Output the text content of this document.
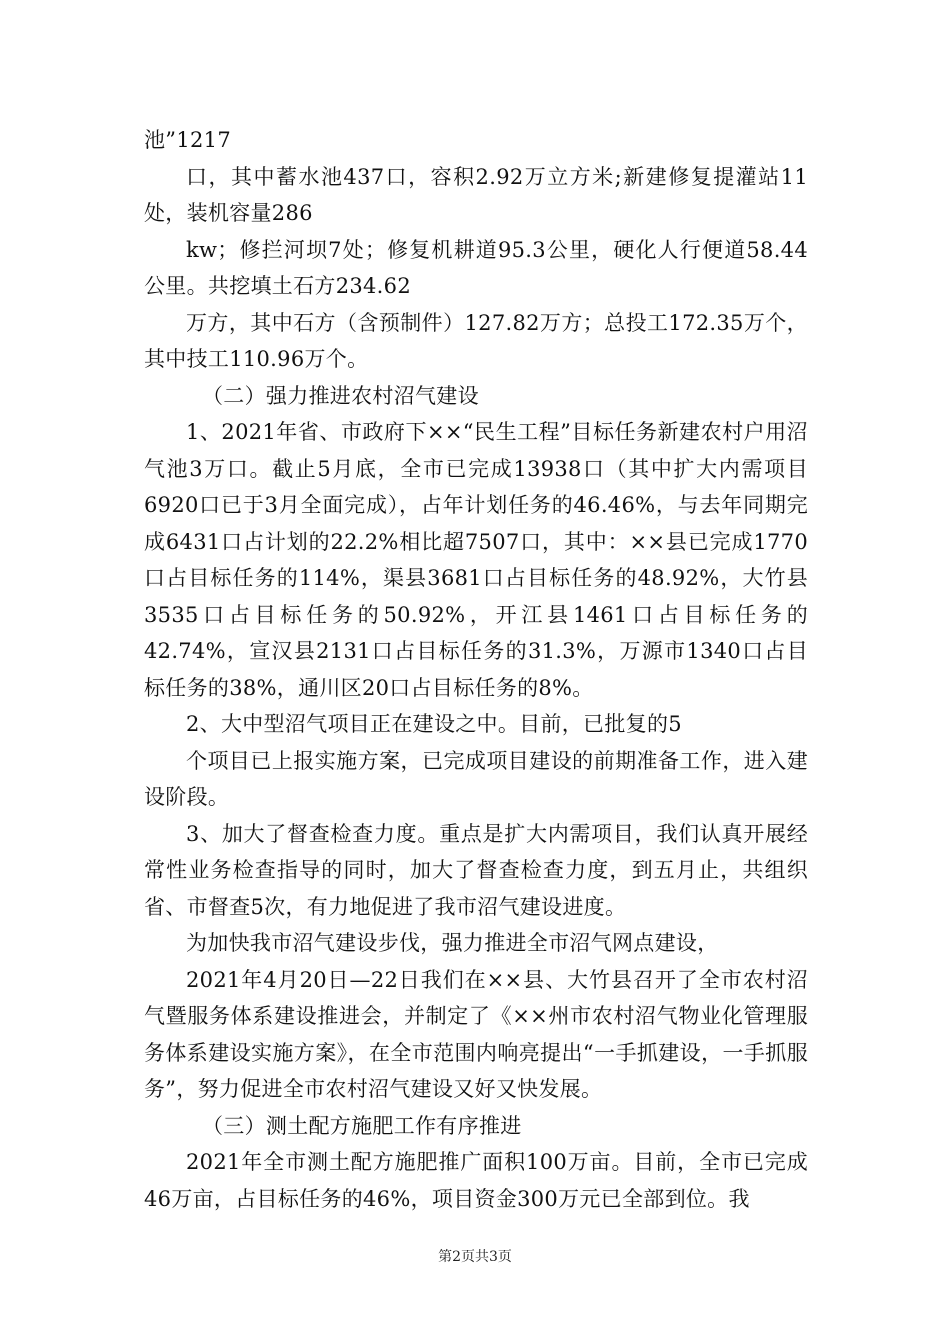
池”1217

口，其中蓄水池437口，容积2.92万立方米;新建修复提灌站11处，装机容量286

kw；修拦河坝7处；修复机耕道95.3公里，硬化人行便道58.44公里。共挖填土石方234.62

万方，其中石方（含预制件）127.82万方；总投工172.35万个，其中技工110.96万个。

（二）强力推进农村沼气建设

1、2021年省、市政府下××“民生工程”目标任务新建农村户用沼气池3万口。截止5月底，全市已完成13938口（其中扩大内需项目6920口已于3月全面完成），占年计划任务的46.46%，与去年同期完成6431口占计划的22.2%相比超7507口，其中：××县已完成1770口占目标任务的114%，渠县3681口占目标任务的48.92%，大竹县3535口占目标任务的50.92%，开江县1461口占目标任务的42.74%，宣汉县2131口占目标任务的31.3%，万源市1340口占目标任务的38%，通川区20口占目标任务的8%。

2、大中型沼气项目正在建设之中。目前，已批复的5

个项目已上报实施方案，已完成项目建设的前期准备工作，进入建设阶段。

3、加大了督查检查力度。重点是扩大内需项目，我们认真开展经常性业务检查指导的同时，加大了督查检查力度，到五月止，共组织省、市督查5次，有力地促进了我市沼气建设进度。

为加快我市沼气建设步伐，强力推进全市沼气网点建设，

2021年4月20日—22日我们在××县、大竹县召开了全市农村沼气暨服务体系建设推进会，并制定了《××州市农村沼气物业化管理服务体系建设实施方案》，在全市范围内响亮提出“一手抓建设，一手抓服务”，努力促进全市农村沼气建设又好又快发展。

（三）测土配方施肥工作有序推进

2021年全市测土配方施肥推广面积100万亩。目前，全市已完成46万亩，占目标任务的46%，项目资金300万元已全部到位。我

第2页共3页
